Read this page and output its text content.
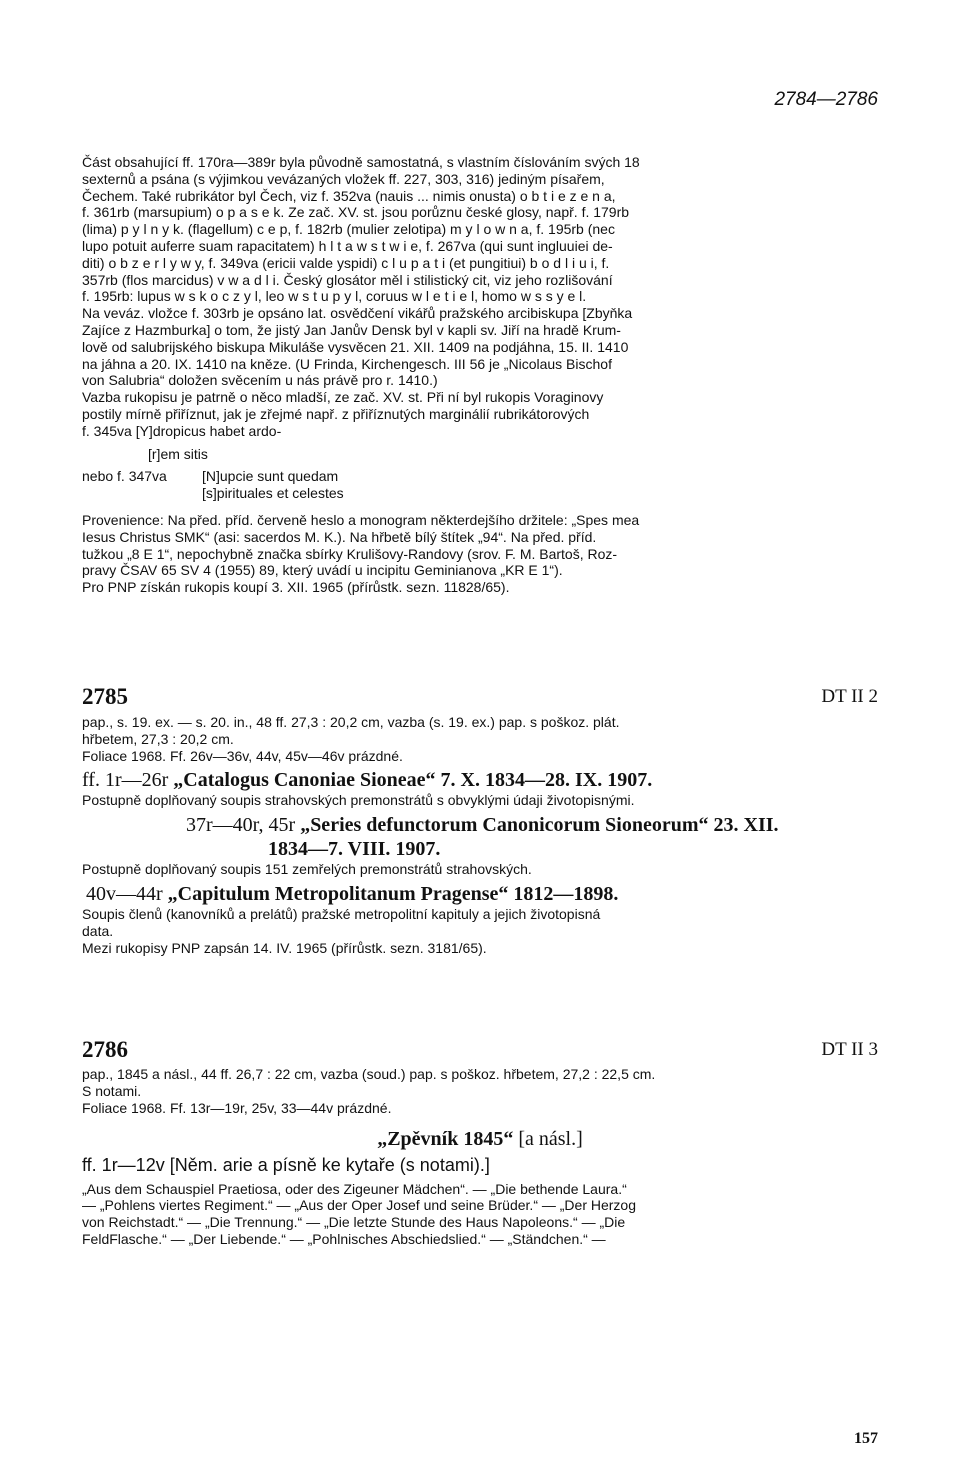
2784—2786

Část obsahující ff. 170ra—389r byla původně samostatná, s vlastním číslováním svých 18

sexternů a psána (s výjimkou vevázaných vložek ff. 227, 303, 316) jediným písařem,

Čechem. Také rubrikátor byl Čech, viz f. 352va (nauis ... nimis onusta) o b t i e z e n a,

f. 361rb (marsupium) o p a s e k. Ze zač. XV. st. jsou porůznu české glosy, např. f. 179rb

(lima) p y l n y k. (flagellum) c e p, f. 182rb (mulier zelotipa) m y l o w n a, f. 195rb (nec

lupo potuit auferre suam rapacitatem) h l t a w s t w i e, f. 267va (qui sunt ingluuiei de-

diti) o b z e r l y w y, f. 349va (ericii valde yspidi) c l u p a t i (et pungitiui) b o d l i u i, f.

357rb (flos marcidus) v w a d l i. Český glosátor měl i stilistický cit, viz jeho rozlišování

f. 195rb: lupus w s k o c z y l, leo w s t u p y l, coruus w l e t i e l, homo w s s y e l.

Na veváz. vložce f. 303rb je opsáno lat. osvědčení vikářů pražského arcibiskupa [Zbyňka

Zajíce z Hazmburka] o tom, že jistý Jan Janův Densk byl v kapli sv. Jiří na hradě Krum-

lově od salubrijského biskupa Mikuláše vysvěcen 21. XII. 1409 na podjáhna, 15. II. 1410

na jáhna a 20. IX. 1410 na kněze. (U Frinda, Kirchengesch. III 56 je „Nicolaus Bischof

von Salubria“ doložen svěcením u nás právě pro r. 1410.)

Vazba rukopisu je patrně o něco mladší, ze zač. XV. st. Při ní byl rukopis Voraginovy

postily mírně přiříznut, jak je zřejmé např. z přiříznutých marginálií rubrikátorových

f. 345va [Y]dropicus habet ardo-

[r]em sitis

nebo f. 347va	[N]upcie sunt quedam
[s]pirituales et celestes

Provenience: Na před. příd. červeně heslo a monogram některdejšího držitele: „Spes mea

Iesus Christus SMK“ (asi: sacerdos M. K.). Na hřbetě bílý štítek „94“. Na před. příd.

tužkou „8 E 1“, nepochybně značka sbírky Krulišovy-Randovy (srov. F. M. Bartoš, Roz-

pravy ČSAV 65 SV 4 (1955) 89, který uvádí u incipitu Geminianova „KR E 1“).

Pro PNP získán rukopis koupí 3. XII. 1965 (přírůstk. sezn. 11828/65).

2785	DT II 2

pap., s. 19. ex. — s. 20. in., 48 ff. 27,3 : 20,2 cm, vazba (s. 19. ex.) pap. s poškoz. plát.

hřbetem, 27,3 : 20,2 cm.

Foliace 1968. Ff. 26v—36v, 44v, 45v—46v prázdné.

ff. 1r—26r „Catalogus Canoniae Sioneae“ 7. X. 1834—28. IX. 1907.

Postupně doplňovaný soupis strahovských premonstrátů s obvyklými údaji životopisnými.

37r—40r, 45r „Series defunctorum Canonicorum Sioneorum“ 23. XII.
1834—7. VIII. 1907.

Postupně doplňovaný soupis 151 zemřelých premonstrátů strahovských.

40v—44r „Capitulum Metropolitanum Pragense“ 1812—1898.

Soupis členů (kanovníků a prelátů) pražské metropolitní kapituly a jejich životopisná

data.

Mezi rukopisy PNP zapsán 14. IV. 1965 (přírůstk. sezn. 3181/65).

2786	DT II 3

pap., 1845 a násl., 44 ff. 26,7 : 22 cm, vazba (soud.) pap. s poškoz. hřbetem, 27,2 : 22,5 cm.

S notami.

Foliace 1968. Ff. 13r—19r, 25v, 33—44v prázdné.

„Zpěvník 1845“ [a násl.]
ff. 1r—12v [Něm. arie a písně ke kytaře (s notami).]

„Aus dem Schauspiel Praetiosa, oder des Zigeuner Mädchen“. — „Die bethende Laura.“

— „Pohlens viertes Regiment.“ — „Aus der Oper Josef und seine Brüder.“ — „Der Herzog

von Reichstadt.“ — „Die Trennung.“ — „Die letzte Stunde des Haus Napoleons.“ — „Die

FeldFlasche.“ — „Der Liebende.“ — „Pohlnisches Abschiedslied.“ — „Ständchen.“ —

157
